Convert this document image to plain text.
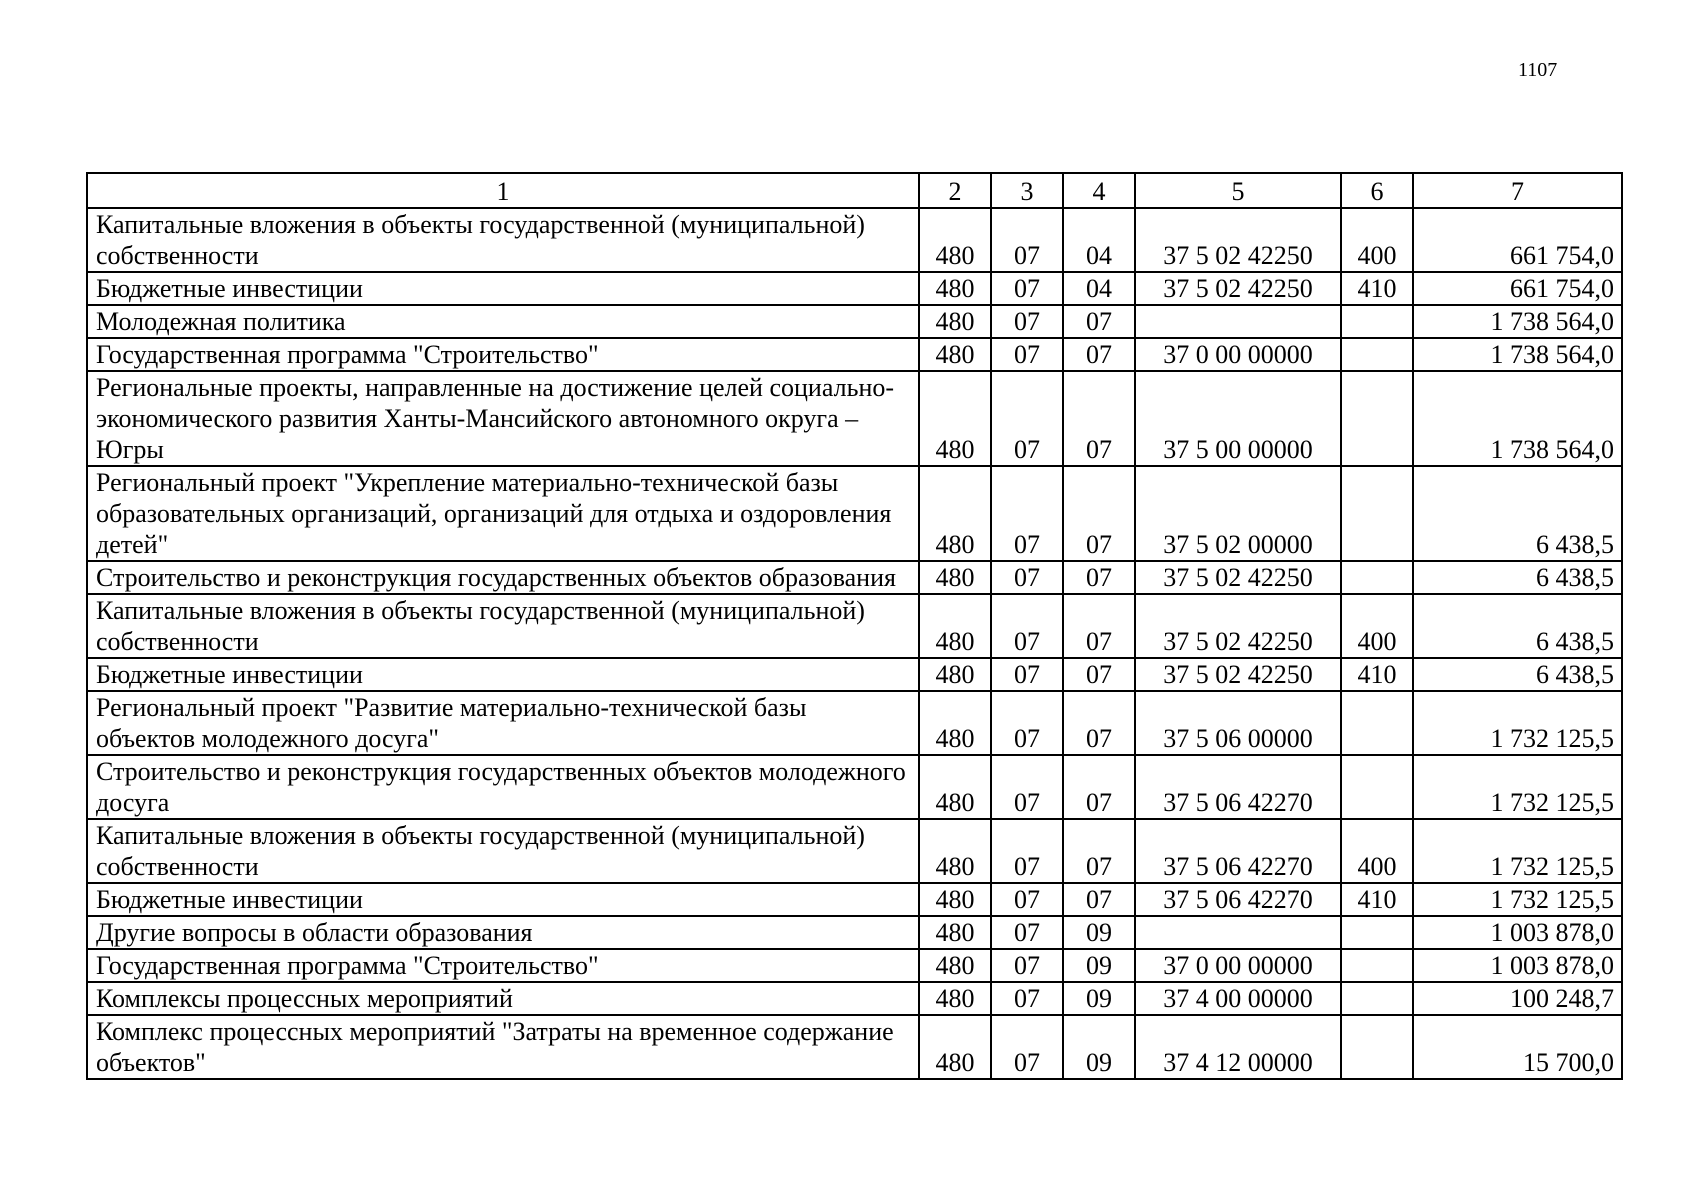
1107
1	2	3	4	5	6	7
Капитальные вложения в объекты государственной (муниципальной) собственности	480	07	04	37 5 02 42250	400	661 754,0
Бюджетные инвестиции	480	07	04	37 5 02 42250	410	661 754,0
Молодежная политика	480	07	07			1 738 564,0
Государственная программа "Строительство"	480	07	07	37 0 00 00000		1 738 564,0
Региональные проекты, направленные на достижение целей социально-экономического развития Ханты-Мансийского автономного округа – Югры	480	07	07	37 5 00 00000		1 738 564,0
Региональный проект "Укрепление материально-технической базы образовательных организаций, организаций для отдыха и оздоровления детей"	480	07	07	37 5 02 00000		6 438,5
Строительство и реконструкция государственных объектов образования	480	07	07	37 5 02 42250		6 438,5
Капитальные вложения в объекты государственной (муниципальной) собственности	480	07	07	37 5 02 42250	400	6 438,5
Бюджетные инвестиции	480	07	07	37 5 02 42250	410	6 438,5
Региональный проект "Развитие материально-технической базы объектов молодежного досуга"	480	07	07	37 5 06 00000		1 732 125,5
Строительство и реконструкция государственных объектов молодежного досуга	480	07	07	37 5 06 42270		1 732 125,5
Капитальные вложения в объекты государственной (муниципальной) собственности	480	07	07	37 5 06 42270	400	1 732 125,5
Бюджетные инвестиции	480	07	07	37 5 06 42270	410	1 732 125,5
Другие вопросы в области образования	480	07	09			1 003 878,0
Государственная программа "Строительство"	480	07	09	37 0 00 00000		1 003 878,0
Комплексы процессных мероприятий	480	07	09	37 4 00 00000		100 248,7
Комплекс процессных мероприятий "Затраты на временное содержание объектов"	480	07	09	37 4 12 00000		15 700,0
